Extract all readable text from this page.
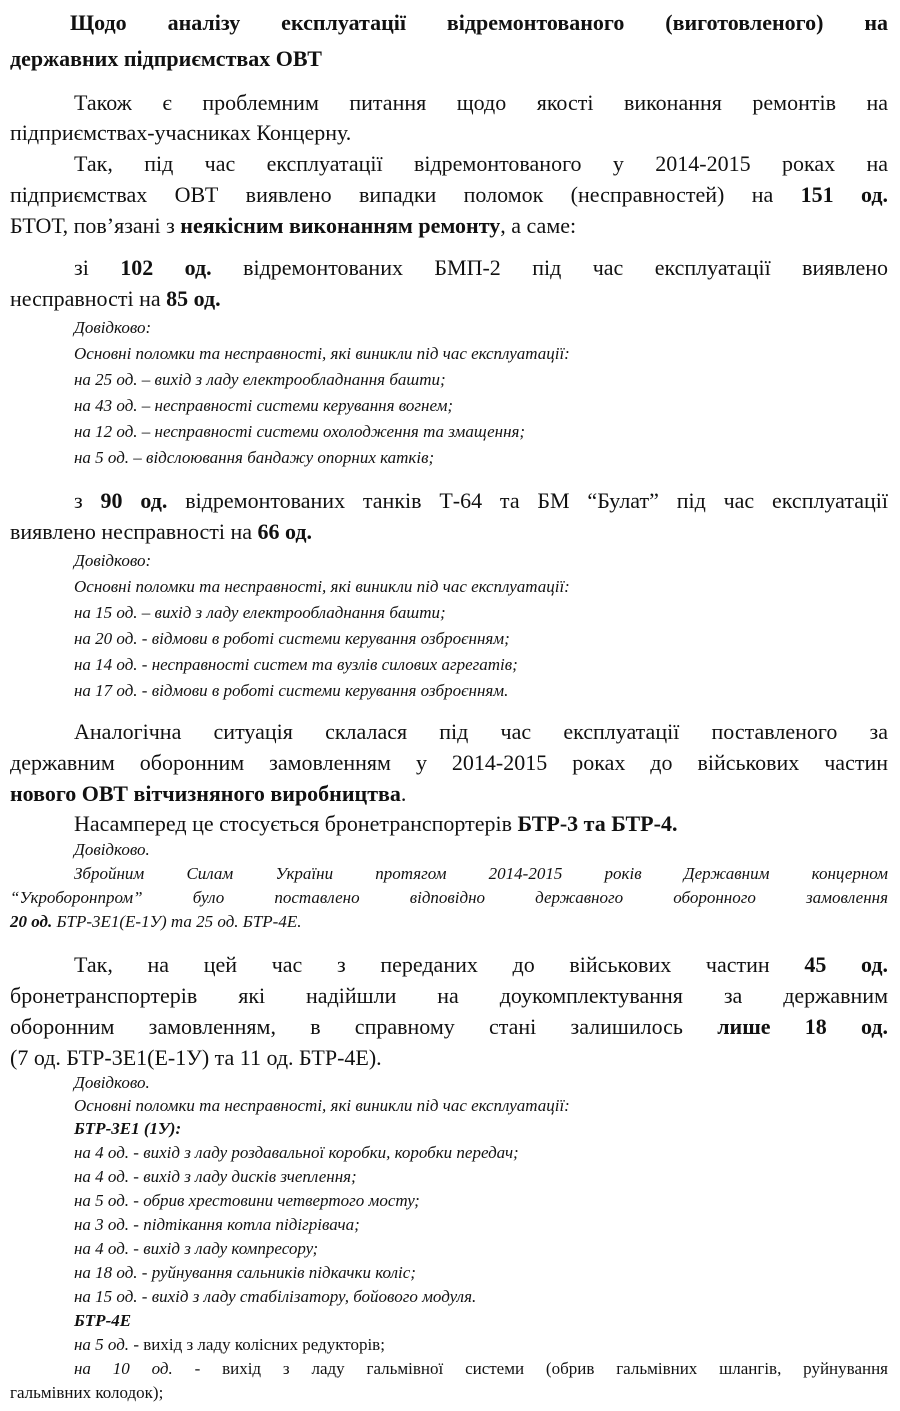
Щодо аналізу експлуатації відремонтованого (виготовленого) на
державних підприємствах ОВТ
Також є проблемним питання щодо якості виконання ремонтів на
підприємствах-учасниках Концерну.
Так, під час експлуатації відремонтованого у 2014-2015 роках на
підприємствах ОВТ виявлено випадки поломок (несправностей) на 151 од.
БТОТ, пов’язані з неякісним виконанням ремонту, а саме:
зі 102 од. відремонтованих БМП-2 під час експлуатації виявлено
несправності на 85 од.
Довідково:
Основні поломки та несправності, які виникли під час експлуатації:
на 25 од. – вихід з ладу електрообладнання башти;
на 43 од. – несправності системи керування вогнем;
на 12 од. – несправності системи охолодження та змащення;
на 5 од. – відслоювання бандажу опорних катків;
з 90 од. відремонтованих танків Т-64 та БМ “Булат” під час експлуатації
виявлено несправності на 66 од.
Довідково:
Основні поломки та несправності, які виникли під час експлуатації:
на 15 од. – вихід з ладу електрообладнання башти;
на 20 од. - відмови в роботі системи керування озброєнням;
на 14 од. - несправності систем та вузлів силових агрегатів;
на 17 од. - відмови в роботі системи керування озброєнням.
Аналогічна ситуація склалася під час експлуатації поставленого за
державним оборонним замовленням у 2014-2015 роках до військових частин
нового ОВТ вітчизняного виробництва.
Насамперед це стосується бронетранспортерів БТР-3 та БТР-4.
Довідково.
Збройним Силам України протягом 2014-2015 років Державним концерном
“Укроборонпром” було поставлено відповідно державного оборонного замовлення
20 од. БТР-3Е1(Е-1У) та 25 од. БТР-4Е.
Так, на цей час з переданих до військових частин 45 од.
бронетранспортерів які надійшли на доукомплектування за державним
оборонним замовленням, в справному стані залишилось лише 18 од.
(7 од. БТР-3Е1(Е-1У) та 11 од. БТР-4Е).
Довідково.
Основні поломки та несправності, які виникли під час експлуатації:
БТР-3Е1 (1У):
на 4 од. - вихід з ладу роздавальної коробки, коробки передач;
на 4 од. - вихід з ладу дисків зчеплення;
на 5 од. - обрив хрестовини четвертого мосту;
на 3 од. - підтікання котла підігрівача;
на 4 од. - вихід з ладу компресору;
на 18 од. - руйнування сальників підкачки коліс;
на 15 од. - вихід з ладу стабілізатору, бойового модуля.
БТР-4Е
на 5 од. - вихід з ладу колісних редукторів;
на 10 од. - вихід з ладу гальмівної системи (обрив гальмівних шлангів, руйнування
гальмівних колодок);
